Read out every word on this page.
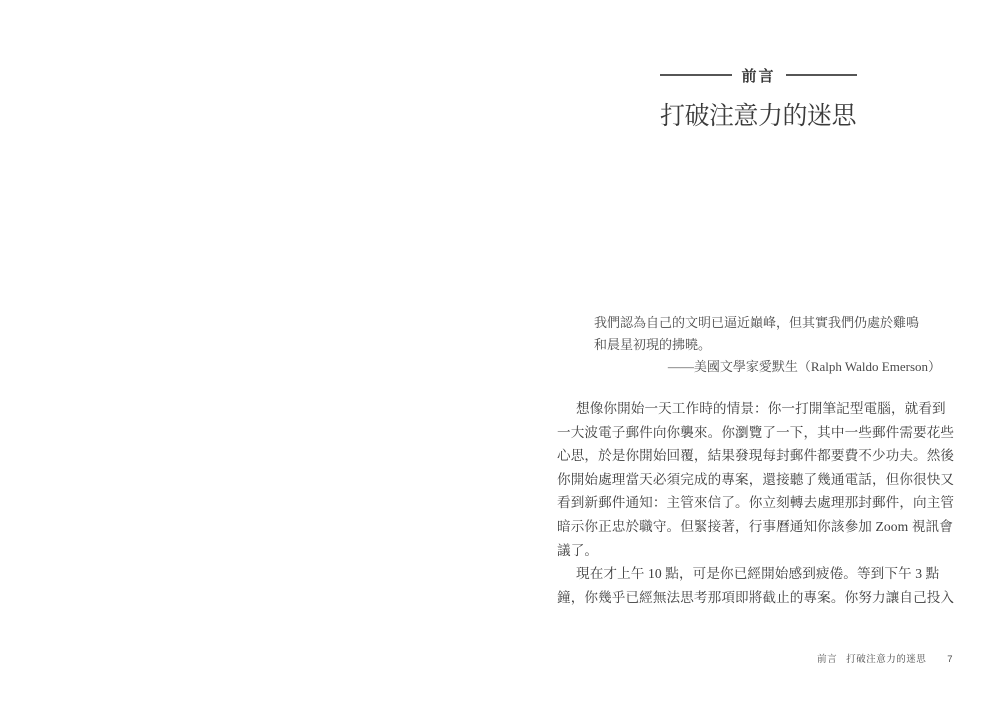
前言
打破注意力的迷思
我們認為自己的文明已逼近巔峰，但其實我們仍處於雞鳴
和晨星初現的拂曉。
——美國文學家愛默生（Ralph Waldo Emerson）
想像你開始一天工作時的情景：你一打開筆記型電腦，就看到
一大波電子郵件向你襲來。你瀏覽了一下，其中一些郵件需要花些
心思，於是你開始回覆，結果發現每封郵件都要費不少功夫。然後
你開始處理當天必須完成的專案，還接聽了幾通電話，但你很快又
看到新郵件通知：主管來信了。你立刻轉去處理那封郵件，向主管
暗示你正忠於職守。但緊接著，行事曆通知你該參加 Zoom 視訊會
議了。
現在才上午 10 點，可是你已經開始感到疲倦。等到下午 3 點
鐘，你幾乎已經無法思考那項即將截止的專案。你努力讓自己投入
前言 打破注意力的迷思 7
